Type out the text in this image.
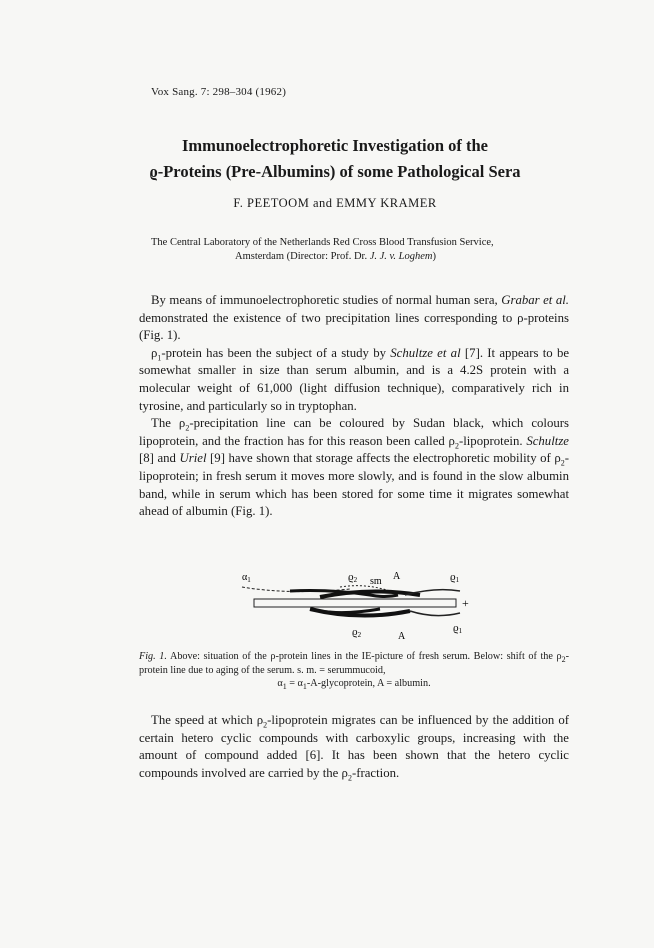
Vox Sang. 7: 298–304 (1962)
Immunoelectrophoretic Investigation of the
ϱ-Proteins (Pre-Albumins) of some Pathological Sera
F. PEETOOM and EMMY KRAMER
The Central Laboratory of the Netherlands Red Cross Blood Transfusion Service,
Amsterdam (Director: Prof. Dr. J. J. v. Loghem)

By means of immunoelectrophoretic studies of normal human sera, Grabar et al. demonstrated the existence of two precipitation lines corresponding to ρ-proteins (Fig. 1).

$\rho_1$-protein has been the subject of a study by Schultze et al [7]. It appears to be somewhat smaller in size than serum albumin, and is a 4.2S protein with a molecular weight of 61,000 (light diffusion technique), comparatively rich in tyrosine, and particularly so in tryptophan.

The $\rho_2$-precipitation line can be coloured by Sudan black, which colours lipoprotein, and the fraction has for this reason been called $\rho_2$-lipoprotein. Schultze [8] and Uriel [9] have shown that storage affects the electrophoretic mobility of $\rho_2$-lipoprotein; in fresh serum it moves more slowly, and is found in the slow albumin band, while in serum which has been stored for some time it migrates somewhat ahead of albumin (Fig. 1).

$\alpha_1$	ϱ2 sm A	ϱ1
+
ϱ2	A
ϱ1
Fig. 1. Above: situation of the ρ-protein lines in the IE-picture of fresh serum. Below: shift of the $\rho_2$-protein line due to aging of the serum. s. m. = serummucoid,
$\alpha_1$ = $\alpha_1-A$-glycoprotein, A = albumin.

The speed at which $\rho_2$-lipoprotein migrates can be influenced by the addition of certain hetero cyclic compounds with carboxylic groups, increasing with the amount of compound added [6]. It has been shown that the hetero cyclic compounds involved are carried by the $\rho_2$-fraction.
